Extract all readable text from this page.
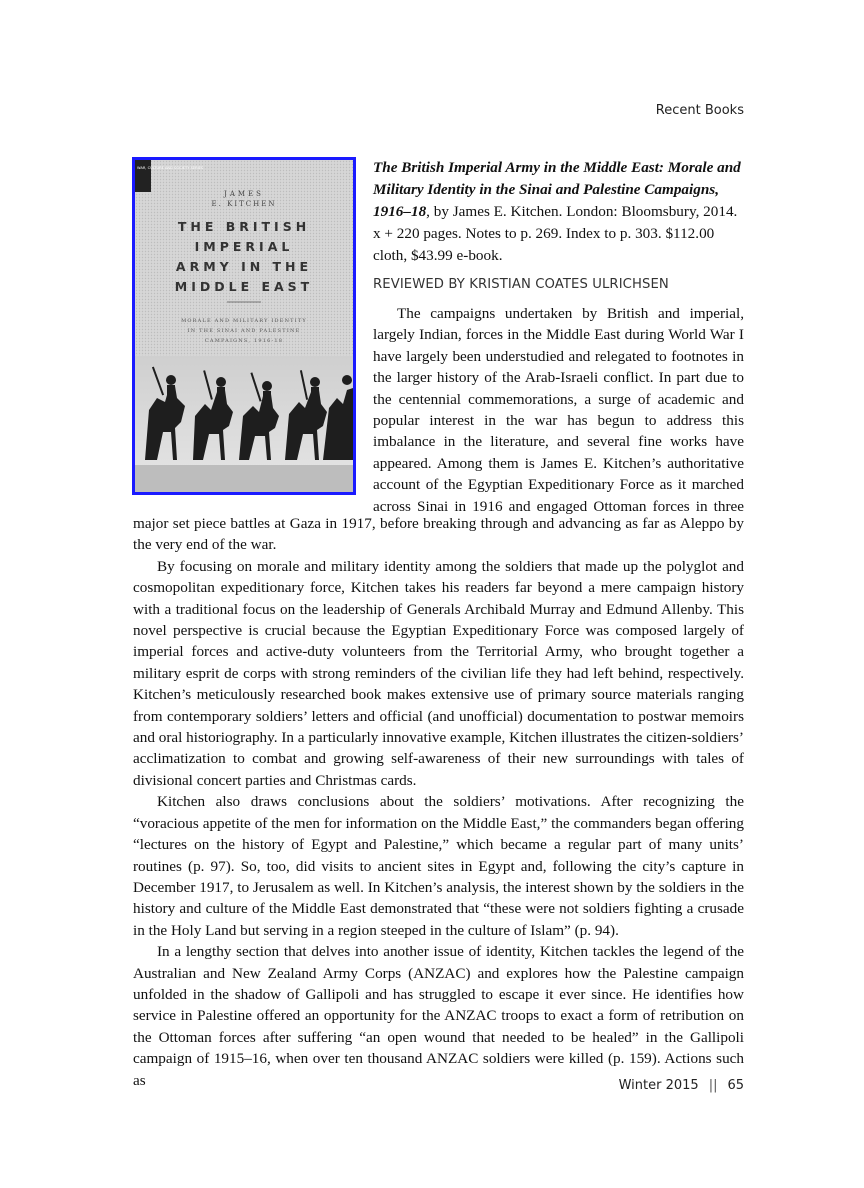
Recent Books
WAR, CULTURE AND SOCIETY SERIES
JAMES
E. KITCHEN
THE BRITISH
IMPERIAL
ARMY IN THE
MIDDLE EAST
MORALE AND MILITARY IDENTITY
IN THE SINAI AND PALESTINE
CAMPAIGNS, 1916-18
The British Imperial Army in the Middle East: Morale and Military Identity in the Sinai and Palestine Campaigns, 1916–18, by James E. Kitchen. London: Bloomsbury, 2014. x + 220 pages. Notes to p. 269. Index to p. 303. $112.00 cloth, $43.99 e-book.
REVIEWED BY KRISTIAN COATES ULRICHSEN

The campaigns undertaken by British and imperial, largely Indian, forces in the Middle East during World War I have largely been understudied and relegated to footnotes in the larger history of the Arab-Israeli conflict. In part due to the centennial commemorations, a surge of academic and popular interest in the war has begun to address this imbalance in the literature, and several fine works have appeared. Among them is James E. Kitchen’s authoritative account of the Egyptian Expeditionary Force as it marched across Sinai in 1916 and engaged Ottoman forces in three

major set piece battles at Gaza in 1917, before breaking through and advancing as far as Aleppo by the very end of the war.

By focusing on morale and military identity among the soldiers that made up the polyglot and cosmopolitan expeditionary force, Kitchen takes his readers far beyond a mere campaign history with a traditional focus on the leadership of Generals Archibald Murray and Edmund Allenby. This novel perspective is crucial because the Egyptian Expeditionary Force was composed largely of imperial forces and active-duty volunteers from the Territorial Army, who brought together a military esprit de corps with strong reminders of the civilian life they had left behind, respectively. Kitchen’s meticulously researched book makes extensive use of primary source materials ranging from contemporary soldiers’ letters and official (and unofficial) documentation to postwar memoirs and oral historiography. In a particularly innovative example, Kitchen illustrates the citizen-soldiers’ acclimatization to combat and growing self-awareness of their new surroundings with tales of divisional concert parties and Christmas cards.

Kitchen also draws conclusions about the soldiers’ motivations. After recognizing the “voracious appetite of the men for information on the Middle East,” the commanders began offering “lectures on the history of Egypt and Palestine,” which became a regular part of many units’ routines (p. 97). So, too, did visits to ancient sites in Egypt and, following the city’s capture in December 1917, to Jerusalem as well. In Kitchen’s analysis, the interest shown by the soldiers in the history and culture of the Middle East demonstrated that “these were not soldiers fighting a crusade in the Holy Land but serving in a region steeped in the culture of Islam” (p. 94).

In a lengthy section that delves into another issue of identity, Kitchen tackles the legend of the Australian and New Zealand Army Corps (ANZAC) and explores how the Palestine campaign unfolded in the shadow of Gallipoli and has struggled to escape it ever since. He identifies how service in Palestine offered an opportunity for the ANZAC troops to exact a form of retribution on the Ottoman forces after suffering “an open wound that needed to be healed” in the Gallipoli campaign of 1915–16, when over ten thousand ANZAC soldiers were killed (p. 159). Actions such as	Winter 2015 || 65
